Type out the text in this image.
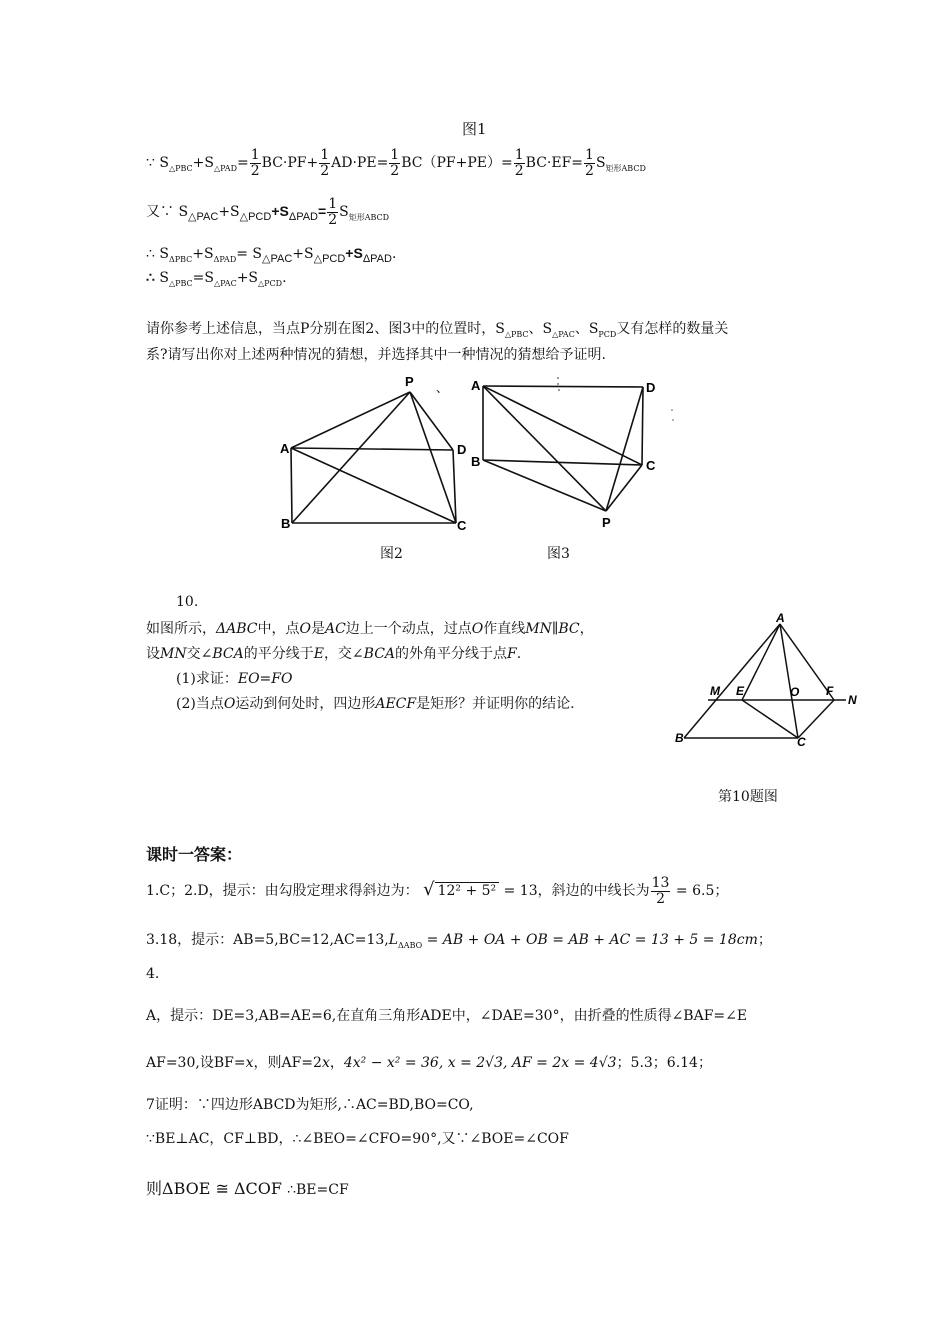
图1
∵ $S_{\triangle PBC}+S_{\triangle PAD}= \frac{1}{2} BC\cdot PF+ \frac{1}{2} AD\cdot PE= \frac{1}{2} BC(PF+PE)= \frac{1}{2} BC\cdot EF= \frac{1}{2} S_{矩形ABCD}$
又∵ $S_{\triangle PAC}+S_{\triangle PCD}+S_{\Delta PAD}= \frac{1}{2} S_{矩形ABCD}$
∴ $S_{\Delta PBC}+S_{\Delta PAD}= S_{\triangle PAC}+S_{\triangle PCD}+S_{\Delta PAD}$.
∴ $S_{\triangle PBC}=S_{\triangle PAC}+S_{\triangle PCD}$.
请你参考上述信息，当点P分别在图2、图3中的位置时，$S_{\triangle PBC}$、$S_{\triangle PAC}$、$S_{PCD}$又有怎样的数量关
系?请写出你对上述两种情况的猜想，并选择其中一种情况的猜想给予证明.
P 、
A	D
B	C
图2
A	D
B	C
P
图3
10.
如图所示，ΔABC中，点O是AC边上一个动点，过点O作直线MN∥BC，
设MN交∠BCA的平分线于E，交∠BCA的外角平分线于点F.
(1)求证：EO=FO
(2)当点O运动到何处时，四边形AECF是矩形？并证明你的结论.
A
M E	O F
N
B	C
第10题图
课时一答案：
1.C；2.D，提示：由勾股定理求得斜边为： √ 12² + 5² = 13，斜边的中线长为 $\frac{13}{2} = 6.5$；
3.18，提示：$AB=5,BC=12,AC=13,L_{\Delta ABO}$ = AB + OA + OB = AB + AC = 13 + 5 = 18cm；
4.
A，提示：DE=3,AB=AE=6,在直角三角形ADE中，∠DAE=30°，由折叠的性质得∠BAF=∠E
AF=30,设BF=x，则AF=2x，4x² − x² = 36, x = 2√3, AF = 2x = 4√3；5.3；6.14；
7证明：∵四边形ABCD为矩形,∴AC=BD,BO=CO,
∵BE⊥AC，CF⊥BD，∴∠BEO=∠CFO=90°,又∵∠BOE=∠COF
则ΔBOE ≅ ΔCOF ∴BE=CF
